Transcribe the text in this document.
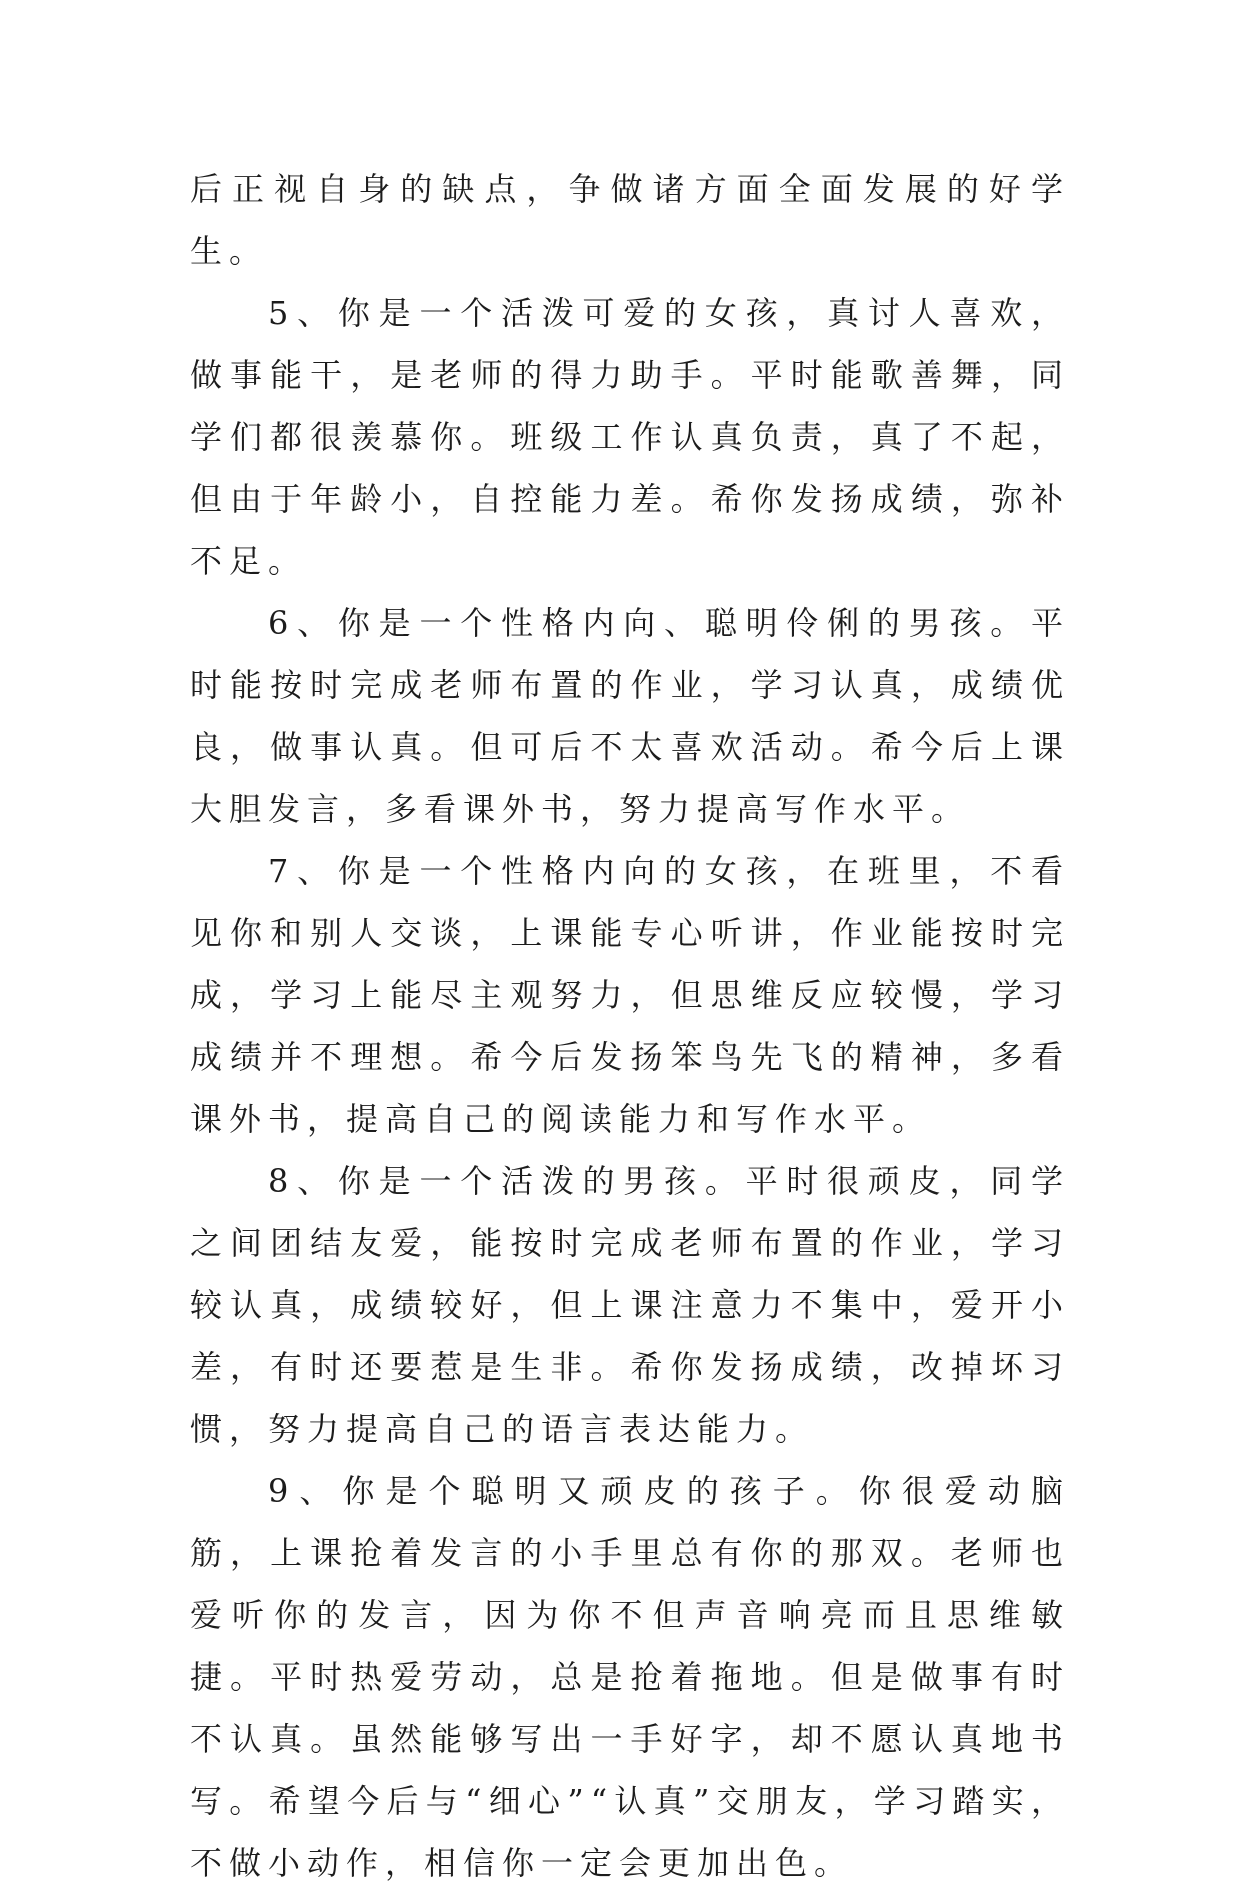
后正视自身的缺点，争做诸方面全面发展的好学生。

5、你是一个活泼可爱的女孩，真讨人喜欢，做事能干，是老师的得力助手。平时能歌善舞，同学们都很羡慕你。班级工作认真负责，真了不起，但由于年龄小，自控能力差。希你发扬成绩，弥补不足。

6、你是一个性格内向、聪明伶俐的男孩。平时能按时完成老师布置的作业，学习认真，成绩优良，做事认真。但可后不太喜欢活动。希今后上课大胆发言，多看课外书，努力提高写作水平。

7、你是一个性格内向的女孩，在班里，不看见你和别人交谈，上课能专心听讲，作业能按时完成，学习上能尽主观努力，但思维反应较慢，学习成绩并不理想。希今后发扬笨鸟先飞的精神，多看课外书，提高自己的阅读能力和写作水平。

8、你是一个活泼的男孩。平时很顽皮，同学之间团结友爱，能按时完成老师布置的作业，学习较认真，成绩较好，但上课注意力不集中，爱开小差，有时还要惹是生非。希你发扬成绩，改掉坏习惯，努力提高自己的语言表达能力。

9、你是个聪明又顽皮的孩子。你很爱动脑筋，上课抢着发言的小手里总有你的那双。老师也爱听你的发言，因为你不但声音响亮而且思维敏捷。平时热爱劳动，总是抢着拖地。但是做事有时不认真。虽然能够写出一手好字，却不愿认真地书写。希望今后与“细心”“认真”交朋友，学习踏实，不做小动作，相信你一定会更加出色。
